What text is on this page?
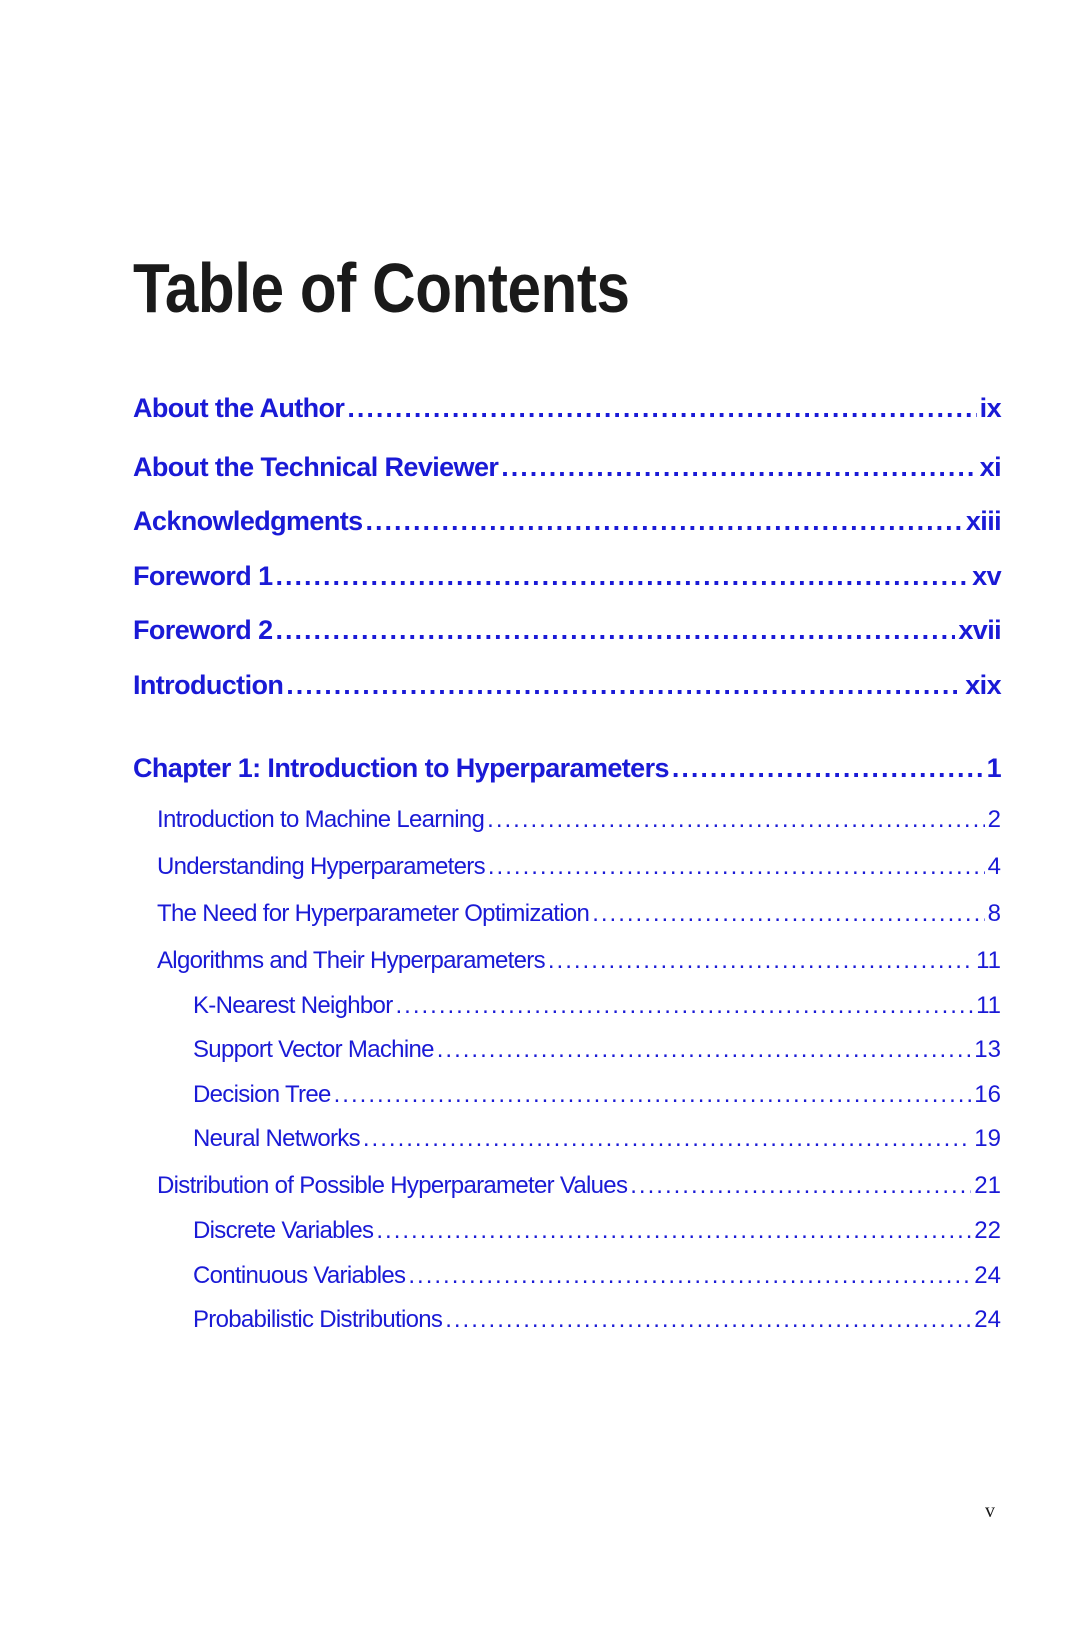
Table of Contents
About the Author .....	ix
About the Technical Reviewer .....	xi
Acknowledgments .....	xiii
Foreword 1 .....	xv
Foreword 2 .....	xvii
Introduction .....	xix
Chapter 1: Introduction to Hyperparameters .....	1
Introduction to Machine Learning .....	2
Understanding Hyperparameters .....	4
The Need for Hyperparameter Optimization .....	8
Algorithms and Their Hyperparameters .....	11
K-Nearest Neighbor .....	11
Support Vector Machine .....	13
Decision Tree .....	16
Neural Networks .....	19
Distribution of Possible Hyperparameter Values .....	21
Discrete Variables .....	22
Continuous Variables .....	24
Probabilistic Distributions .....	24
v
